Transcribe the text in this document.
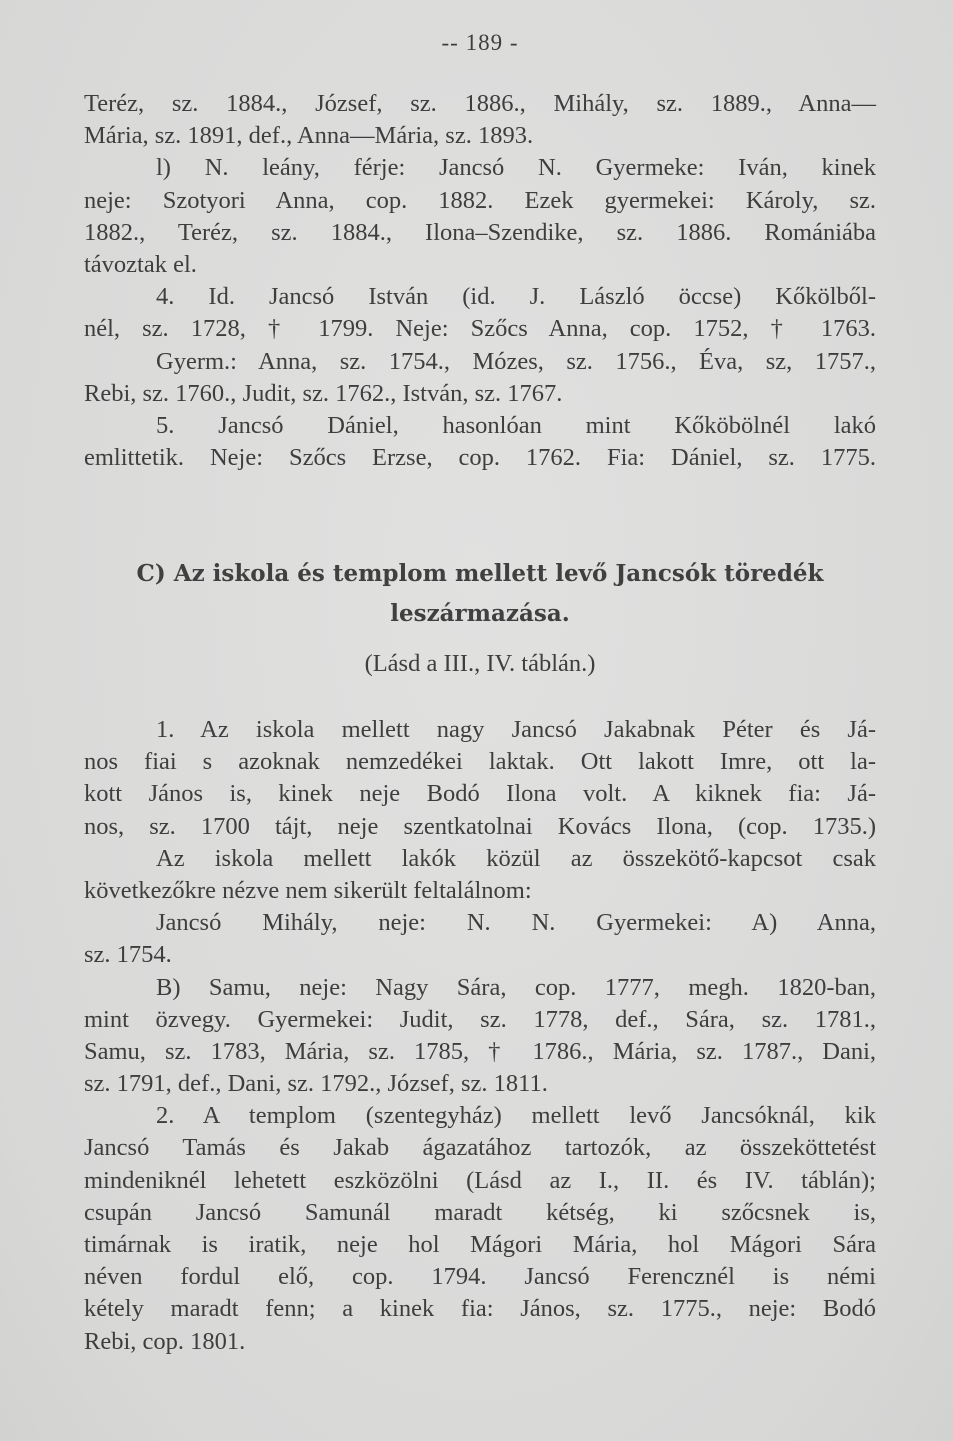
-- 189 -
Teréz, sz. 1884., József, sz. 1886., Mihály, sz. 1889., Anna—
Mária, sz. 1891, def., Anna—Mária, sz. 1893.
l) N. leány, férje: Jancsó N. Gyermeke: Iván, kinek
neje: Szotyori Anna, cop. 1882. Ezek gyermekei: Károly, sz.
1882., Teréz, sz. 1884., Ilona–Szendike, sz. 1886. Romániába
távoztak el.
4. Id. Jancsó István (id. J. László öccse) Kőkölből-
nél, sz. 1728, † 1799. Neje: Szőcs Anna, cop. 1752, † 1763.
Gyerm.: Anna, sz. 1754., Mózes, sz. 1756., Éva, sz, 1757.,
Rebi, sz. 1760., Judit, sz. 1762., István, sz. 1767.
5. Jancsó Dániel, hasonlóan mint Kőköbölnél lakó
emlittetik. Neje: Szőcs Erzse, cop. 1762. Fia: Dániel, sz. 1775.
C) Az iskola és templom mellett levő Jancsók töredék
leszármazása.
(Lásd a III., IV. táblán.)
1. Az iskola mellett nagy Jancsó Jakabnak Péter és Já-
nos fiai s azoknak nemzedékei laktak. Ott lakott Imre, ott la-
kott János is, kinek neje Bodó Ilona volt. A kiknek fia: Já-
nos, sz. 1700 tájt, neje szentkatolnai Kovács Ilona, (cop. 1735.)
Az iskola mellett lakók közül az összekötő-kapcsot csak
következőkre nézve nem sikerült feltalálnom:
Jancsó Mihály, neje: N. N. Gyermekei: A) Anna,
sz. 1754.
B) Samu, neje: Nagy Sára, cop. 1777, megh. 1820-ban,
mint özvegy. Gyermekei: Judit, sz. 1778, def., Sára, sz. 1781.,
Samu, sz. 1783, Mária, sz. 1785, † 1786., Mária, sz. 1787., Dani,
sz. 1791, def., Dani, sz. 1792., József, sz. 1811.
2. A templom (szentegyház) mellett levő Jancsóknál, kik
Jancsó Tamás és Jakab ágazatához tartozók, az összeköttetést
mindeniknél lehetett eszközölni (Lásd az I., II. és IV. táblán);
csupán Jancsó Samunál maradt kétség, ki szőcsnek is,
timárnak is iratik, neje hol Mágori Mária, hol Mágori Sára
néven fordul elő, cop. 1794. Jancsó Ferencznél is némi
kétely maradt fenn; a kinek fia: János, sz. 1775., neje: Bodó
Rebi, cop. 1801.
